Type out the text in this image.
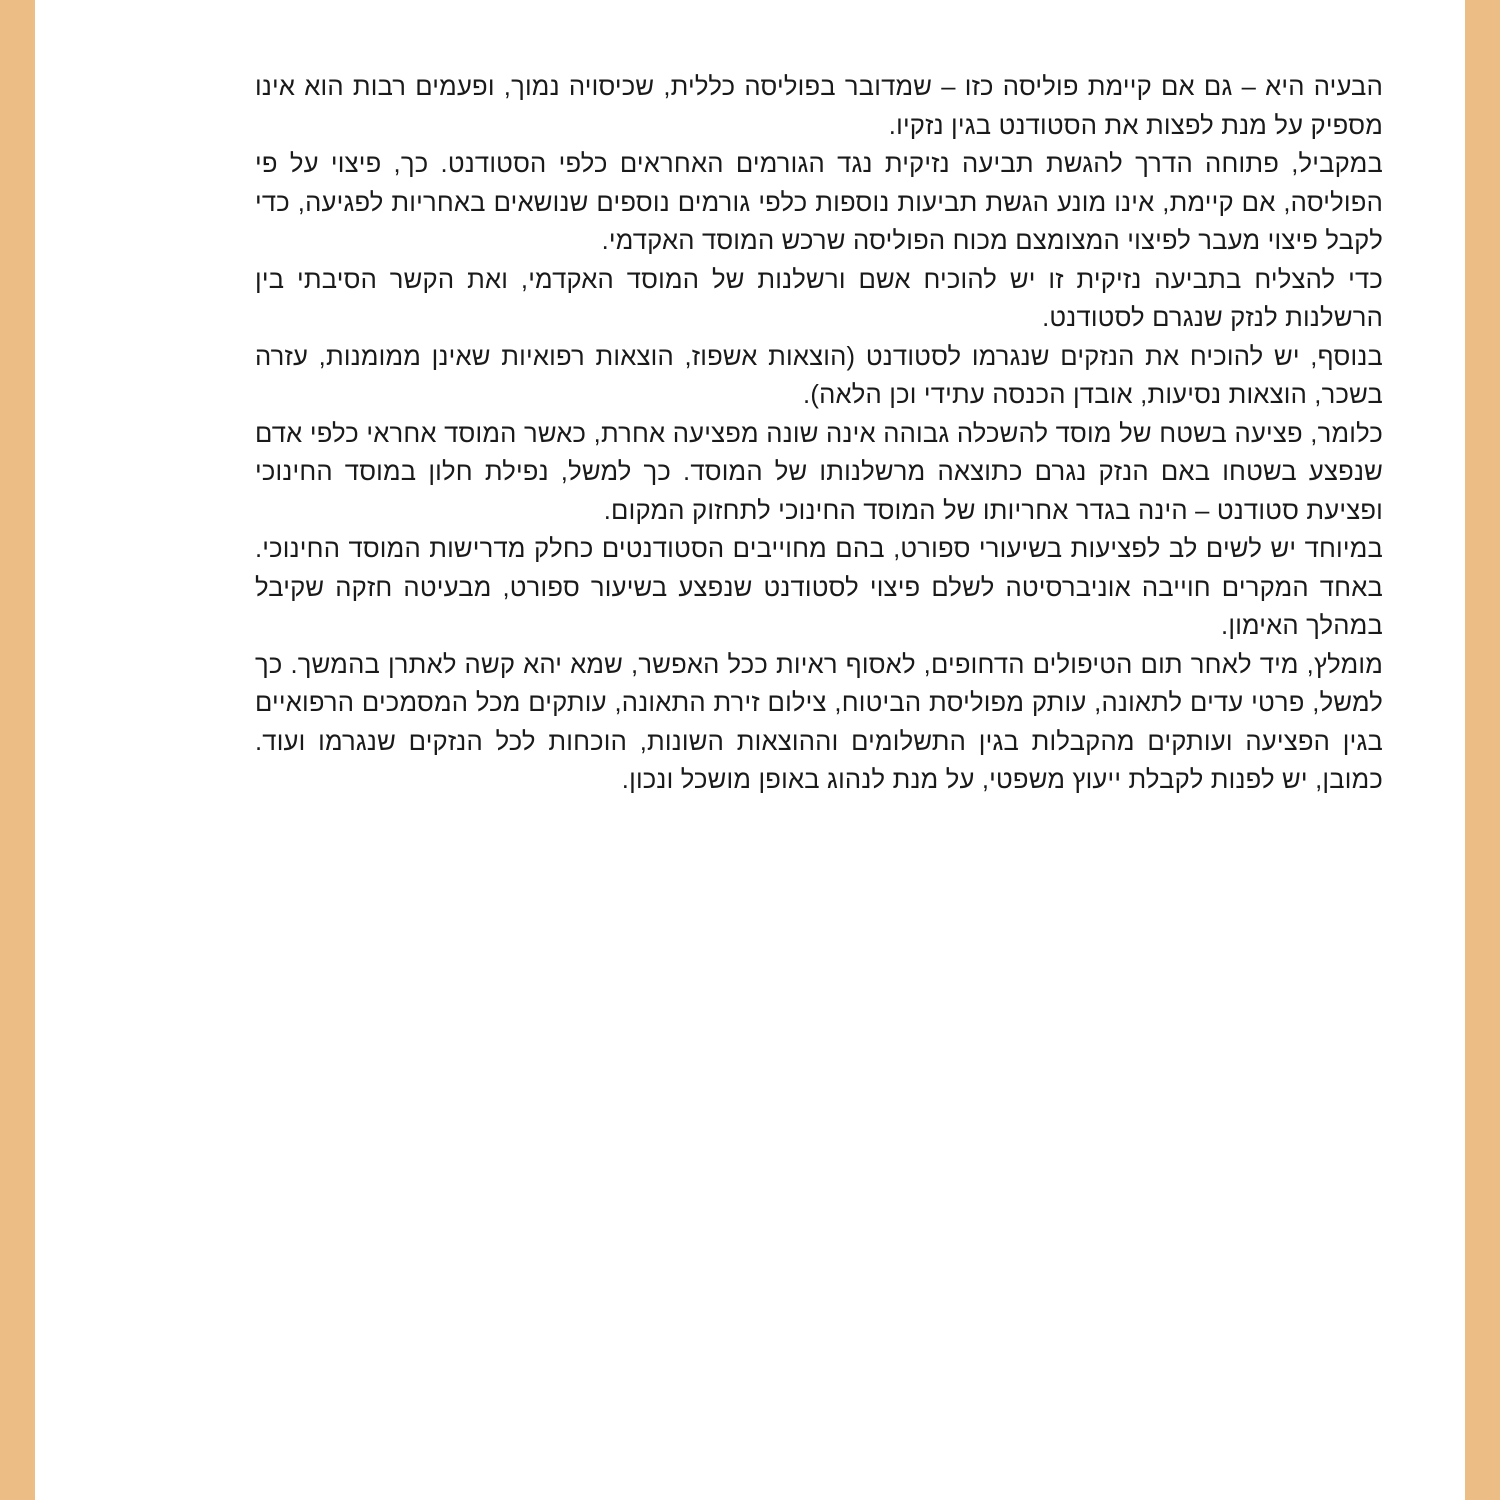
הבעיה היא – גם אם קיימת פוליסה כזו – שמדובר בפוליסה כללית, שכיסויה נמוך, ופעמים רבות הוא אינו מספיק על מנת לפצות את הסטודנט בגין נזקיו.

במקביל, פתוחה הדרך להגשת תביעה נזיקית נגד הגורמים האחראים כלפי הסטודנט. כך, פיצוי על פי הפוליסה, אם קיימת, אינו מונע הגשת תביעות נוספות כלפי גורמים נוספים שנושאים באחריות לפגיעה, כדי לקבל פיצוי מעבר לפיצוי המצומצם מכוח הפוליסה שרכש המוסד האקדמי.

כדי להצליח בתביעה נזיקית זו יש להוכיח אשם ורשלנות של המוסד האקדמי, ואת הקשר הסיבתי בין הרשלנות לנזק שנגרם לסטודנט.

בנוסף, יש להוכיח את הנזקים שנגרמו לסטודנט (הוצאות אשפוז, הוצאות רפואיות שאינן ממומנות, עזרה בשכר, הוצאות נסיעות, אובדן הכנסה עתידי וכן הלאה).

כלומר, פציעה בשטח של מוסד להשכלה גבוהה אינה שונה מפציעה אחרת, כאשר המוסד אחראי כלפי אדם שנפצע בשטחו באם הנזק נגרם כתוצאה מרשלנותו של המוסד. כך למשל, נפילת חלון במוסד החינוכי ופציעת סטודנט – הינה בגדר אחריותו של המוסד החינוכי לתחזוק המקום.

במיוחד יש לשים לב לפציעות בשיעורי ספורט, בהם מחוייבים הסטודנטים כחלק מדרישות המוסד החינוכי. באחד המקרים חוייבה אוניברסיטה לשלם פיצוי לסטודנט שנפצע בשיעור ספורט, מבעיטה חזקה שקיבל במהלך האימון.

מומלץ, מיד לאחר תום הטיפולים הדחופים, לאסוף ראיות ככל האפשר, שמא יהא קשה לאתרן בהמשך. כך למשל, פרטי עדים לתאונה, עותק מפוליסת הביטוח, צילום זירת התאונה, עותקים מכל המסמכים הרפואיים בגין הפציעה ועותקים מהקבלות בגין התשלומים וההוצאות השונות, הוכחות לכל הנזקים שנגרמו ועוד. כמובן, יש לפנות לקבלת ייעוץ משפטי, על מנת לנהוג באופן מושכל ונכון.
